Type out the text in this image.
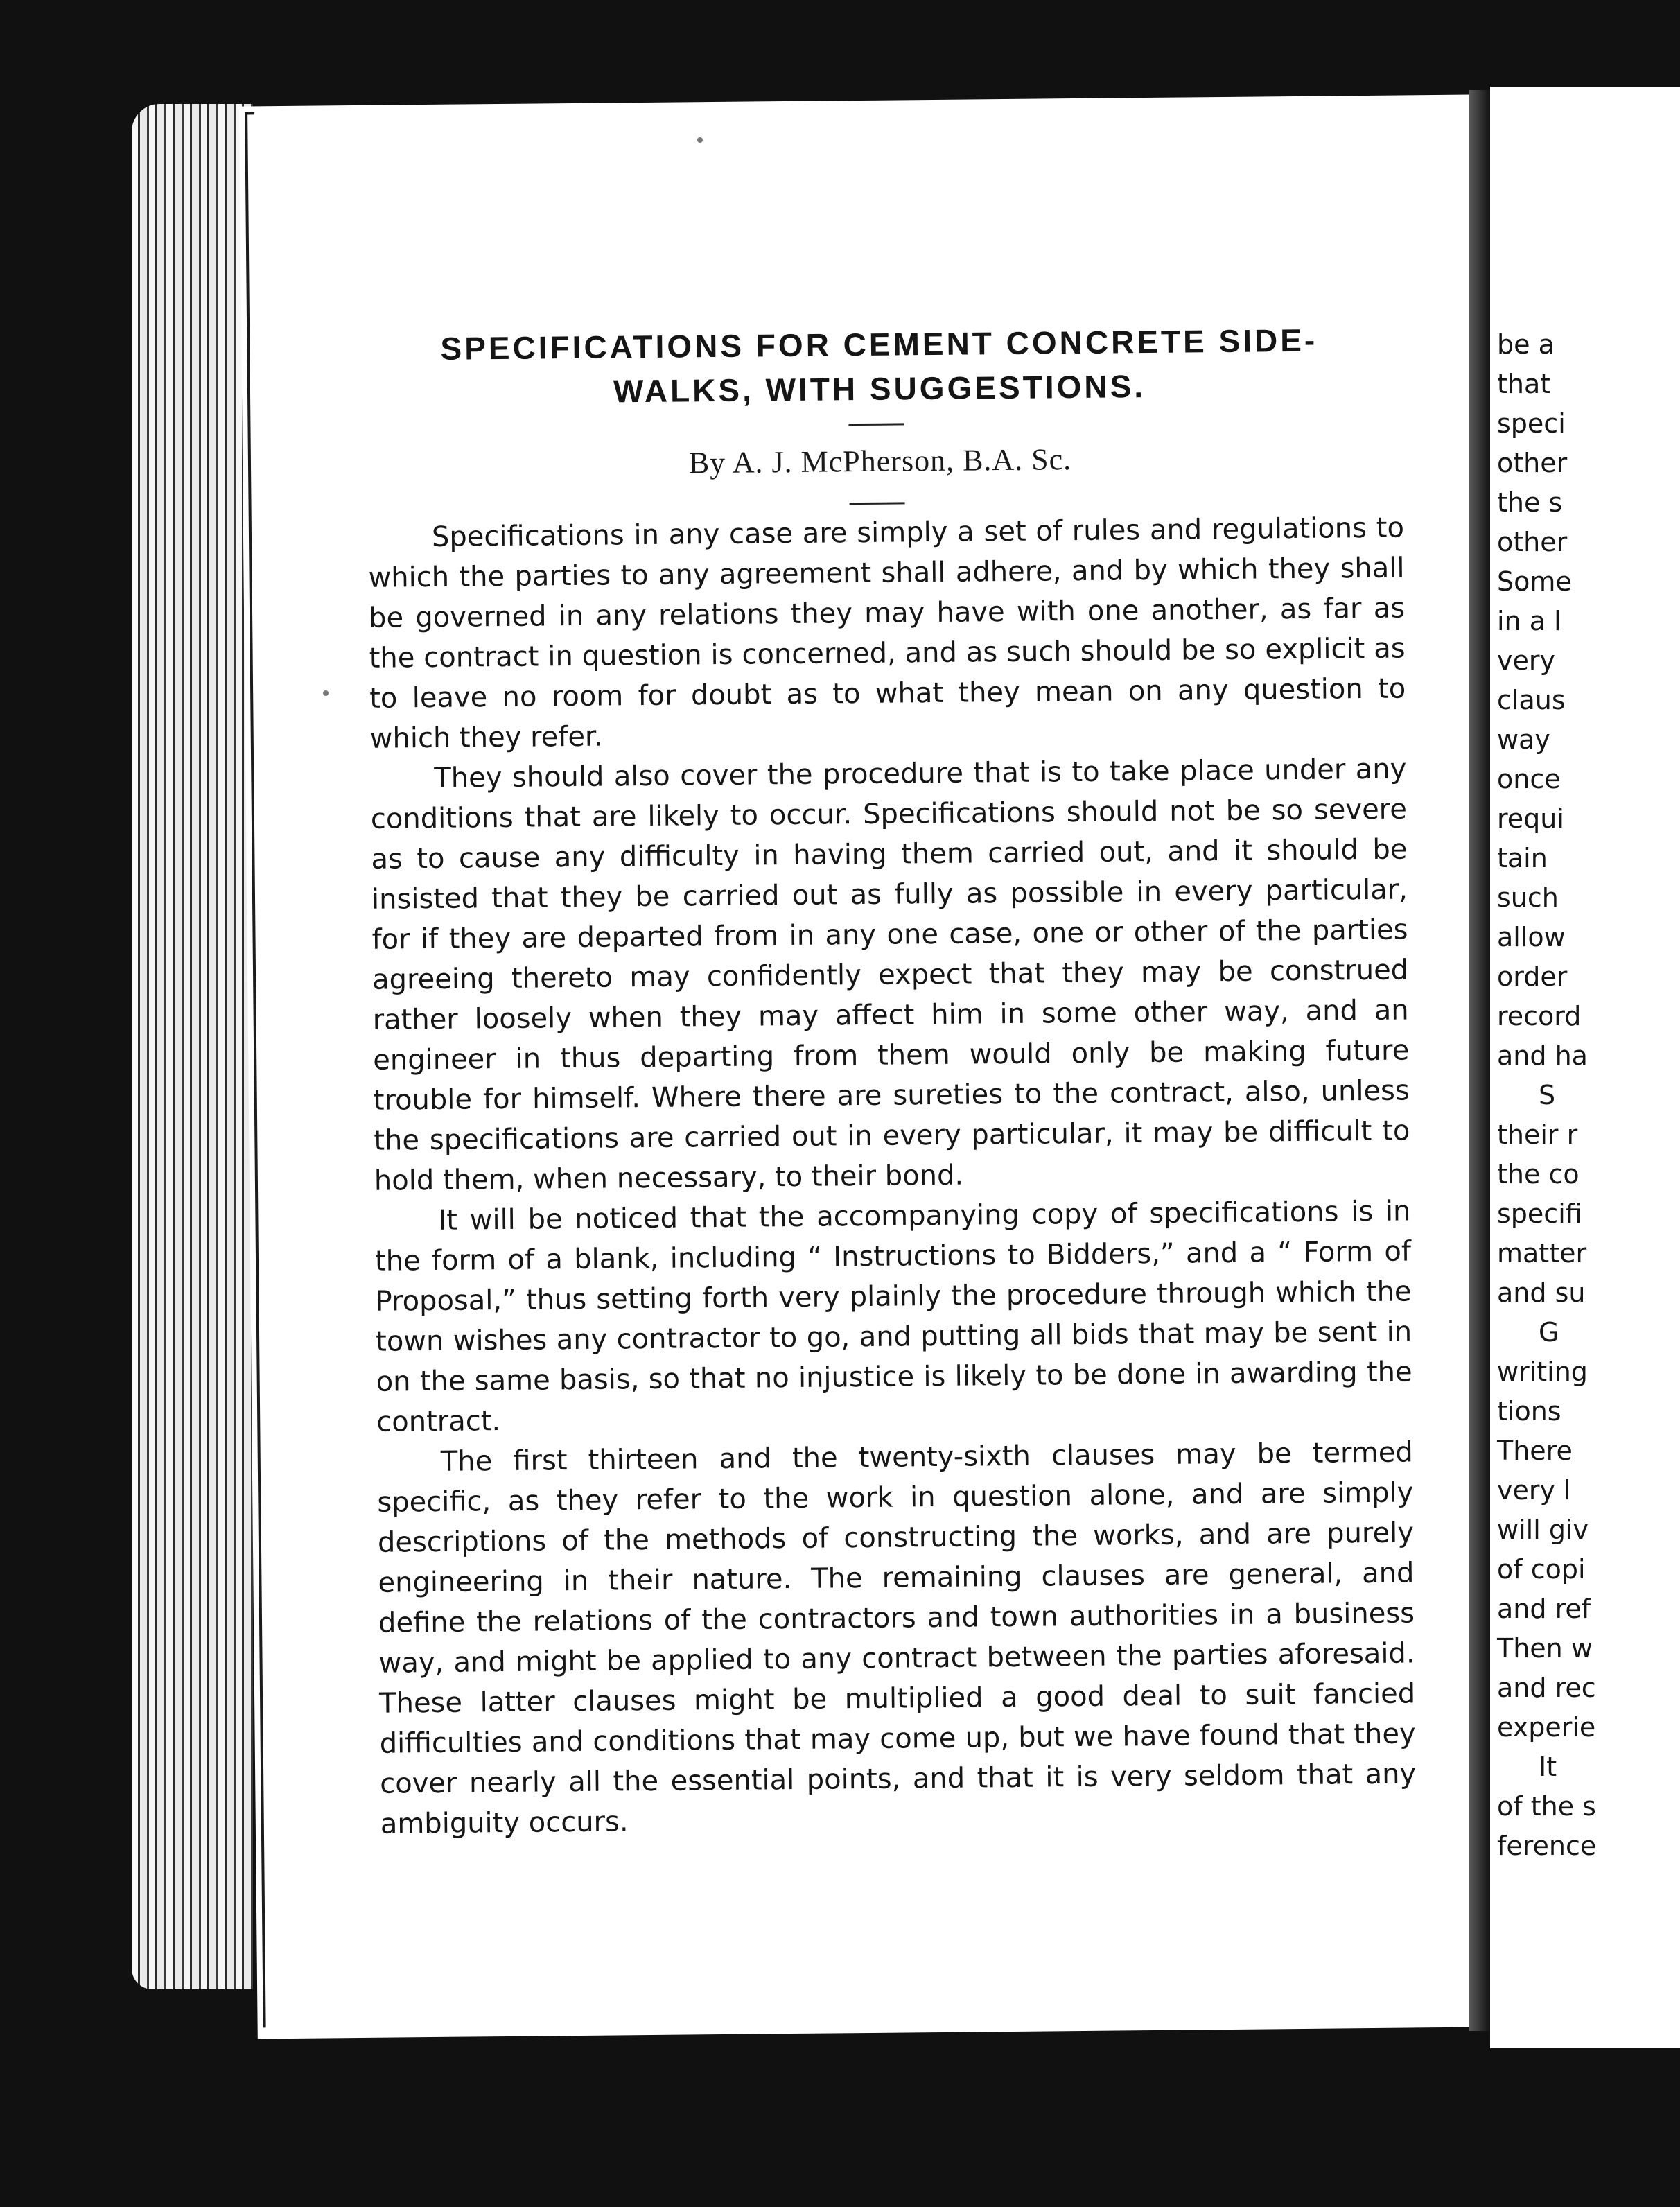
SPECIFICATIONS FOR CEMENT CONCRETE SIDE-WALKS, WITH SUGGESTIONS.
By A. J. McPherson, B.A. Sc.

Specifications in any case are simply a set of rules and regulations to which the parties to any agreement shall adhere, and by which they shall be governed in any relations they may have with one another, as far as the contract in question is concerned, and as such should be so explicit as to leave no room for doubt as to what they mean on any question to which they refer.

They should also cover the procedure that is to take place under any conditions that are likely to occur. Specifications should not be so severe as to cause any difficulty in having them carried out, and it should be insisted that they be carried out as fully as possible in every particular, for if they are departed from in any one case, one or other of the parties agreeing thereto may confidently expect that they may be construed rather loosely when they may affect him in some other way, and an engineer in thus departing from them would only be making future trouble for himself. Where there are sureties to the contract, also, unless the specifications are carried out in every particular, it may be difficult to hold them, when necessary, to their bond.

It will be noticed that the accompanying copy of specifications is in the form of a blank, including “ Instructions to Bidders,” and a “ Form of Proposal,” thus setting forth very plainly the procedure through which the town wishes any contractor to go, and putting all bids that may be sent in on the same basis, so that no injustice is likely to be done in awarding the contract.

The first thirteen and the twenty-sixth clauses may be termed specific, as they refer to the work in question alone, and are simply descriptions of the methods of constructing the works, and are purely engineering in their nature. The remaining clauses are general, and define the relations of the contractors and town authorities in a business way, and might be applied to any contract between the parties aforesaid. These latter clauses might be multiplied a good deal to suit fancied difficulties and conditions that may come up, but we have found that they cover nearly all the essential points, and that it is very seldom that any ambiguity occurs.

be a
that
speci
other
the s
other
Some
in a l
very
claus
way
once
requi
tain
such
allow
order
record
and ha
S
their r
the co
specifi
matter
and su
G
writing
tions
There
very l
will giv
of copi
and ref
Then w
and rec
experie
It
of the s
ference
